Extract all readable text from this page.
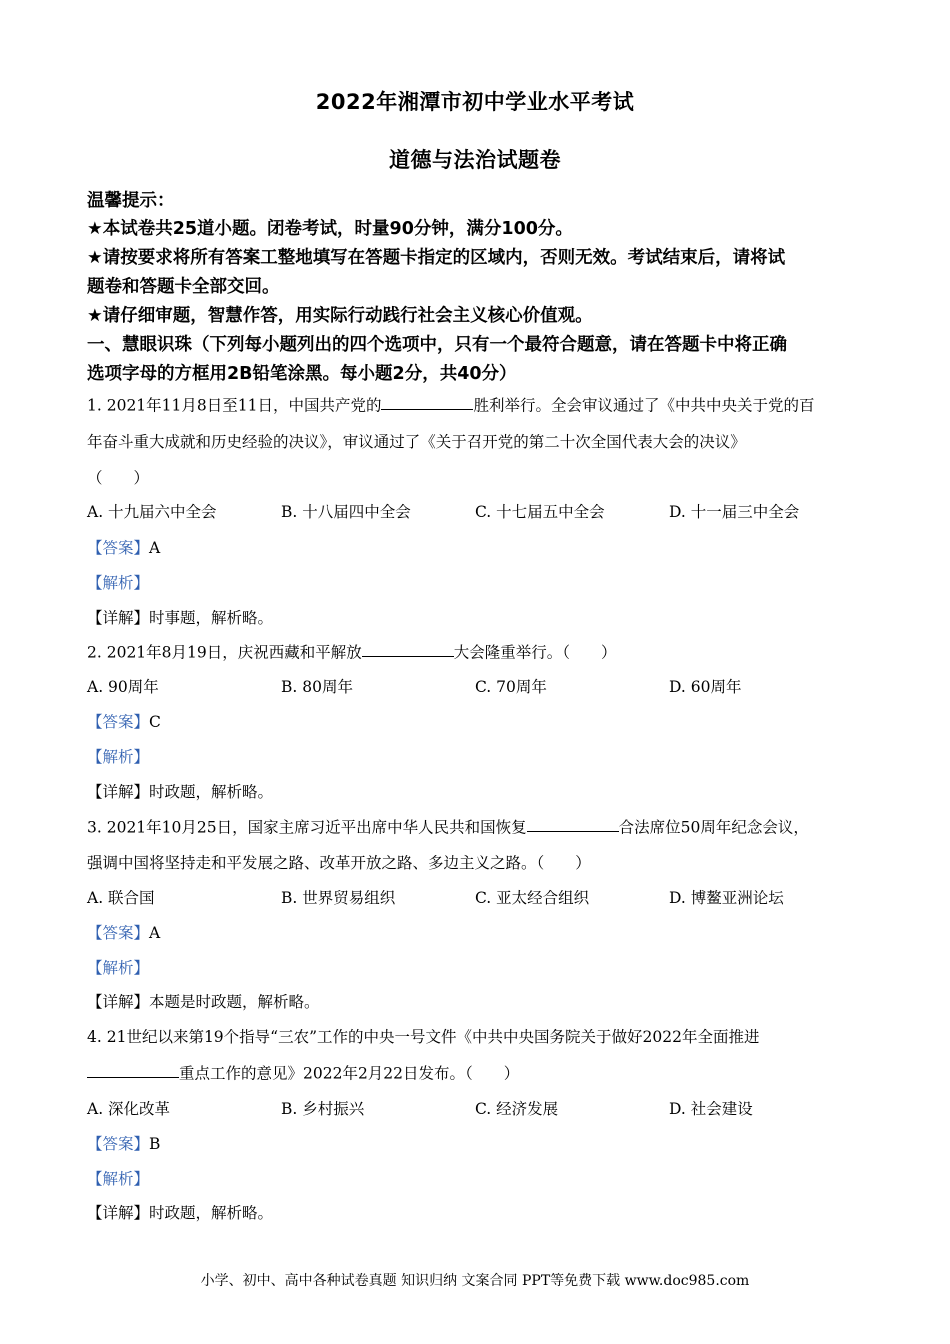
2022年湘潭市初中学业水平考试
道德与法治试题卷
温馨提示：
★本试卷共25道小题。闭卷考试，时量90分钟，满分100分。
★请按要求将所有答案工整地填写在答题卡指定的区域内，否则无效。考试结束后，请将试
题卷和答题卡全部交回。
★请仔细审题，智慧作答，用实际行动践行社会主义核心价值观。
一、慧眼识珠（下列每小题列出的四个选项中，只有一个最符合题意，请在答题卡中将正确
选项字母的方框用2B铅笔涂黑。每小题2分，共40分）
1. 2021年11月8日至11日，中国共产党的	胜利举行。全会审议通过了《中共中央关于党的百
年奋斗重大成就和历史经验的决议》，审议通过了《关于召开党的第二十次全国代表大会的决议》
（　　）
A. 十九届六中全会	B. 十八届四中全会	C. 十七届五中全会	D. 十一届三中全会
【答案】A
【解析】
【详解】时事题，解析略。
2. 2021年8月19日，庆祝西藏和平解放	大会隆重举行。（　　）
A. 90周年	B. 80周年	C. 70周年	D. 60周年
【答案】C
【解析】
【详解】时政题，解析略。
3. 2021年10月25日，国家主席习近平出席中华人民共和国恢复	合法席位50周年纪念会议，
强调中国将坚持走和平发展之路、改革开放之路、多边主义之路。（　　）
A. 联合国	B. 世界贸易组织	C. 亚太经合组织	D. 博鳌亚洲论坛
【答案】A
【解析】
【详解】本题是时政题，解析略。
4. 21世纪以来第19个指导“三农”工作的中央一号文件《中共中央国务院关于做好2022年全面推进
重点工作的意见》2022年2月22日发布。（　　）
A. 深化改革	B. 乡村振兴	C. 经济发展	D. 社会建设
【答案】B
【解析】
【详解】时政题，解析略。
小学、初中、高中各种试卷真题 知识归纳 文案合同 PPT等免费下载 www.doc985.com
